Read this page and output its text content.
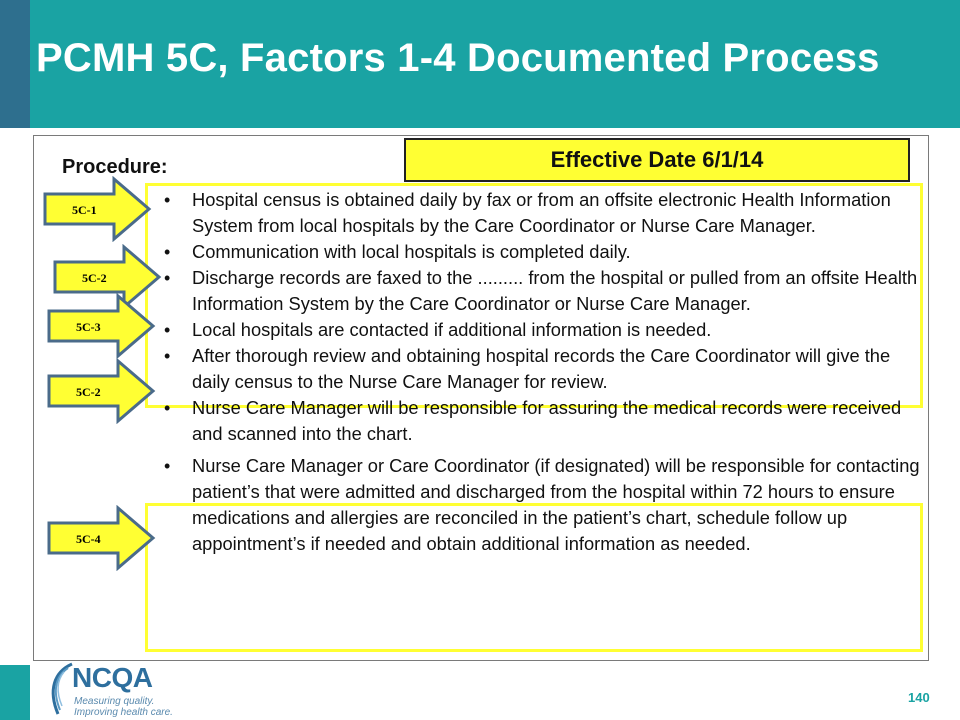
PCMH 5C, Factors 1-4 Documented Process
Effective Date 6/1/14
Procedure:
• Hospital census is obtained daily by fax or from an offsite electronic Health Information System from local hospitals by the Care Coordinator or Nurse Care Manager.
• Communication with local hospitals is completed daily.
• Discharge records are faxed to the ......... from the hospital or pulled from an offsite Health Information System by the Care Coordinator or Nurse Care Manager.
• Local hospitals are contacted if additional information is needed.
• After thorough review and obtaining hospital records the Care Coordinator will give the daily census to the Nurse Care Manager for review.
• Nurse Care Manager will be responsible for assuring the medical records were received and scanned into the chart.
• Nurse Care Manager or Care Coordinator (if designated) will be responsible for contacting patient’s that were admitted and discharged from the hospital within 72 hours to ensure medications and allergies are reconciled in the patient’s chart, schedule follow up appointment’s if needed and obtain additional information as needed.
5C-1
5C-2
5C-3
5C-2
5C-4
NCQA
Measuring quality.
Improving health care.
140
